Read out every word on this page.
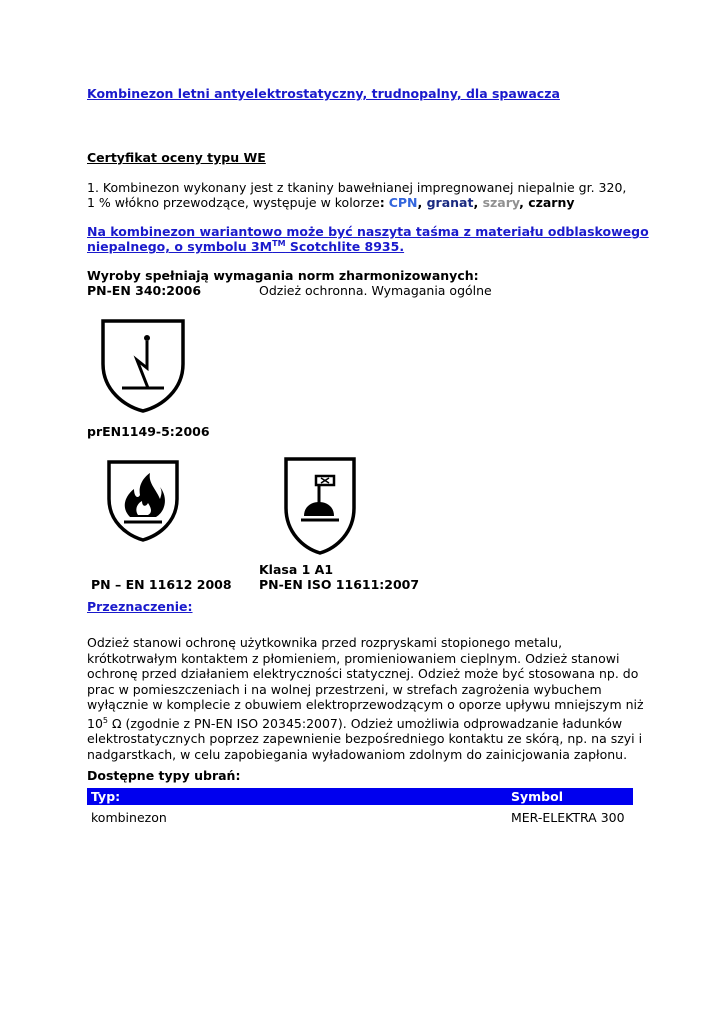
Kombinezon letni antyelektrostatyczny, trudnopalny, dla spawacza
Certyfikat oceny typu WE
1. Kombinezon wykonany jest z tkaniny bawełnianej impregnowanej niepalnie gr. 320,
1 % włókno przewodzące, występuje w kolorze: CPN, granat, szary, czarny
Na kombinezon wariantowo może być naszyta taśma z materiału odblaskowego
niepalnego, o symbolu 3M™ Scotchlite 8935.
Wyroby spełniają wymagania norm zharmonizowanych:
PN-EN 340:2006	Odzież ochronna. Wymagania ogólne
prEN1149-5:2006
Klasa 1 A1
PN – EN 11612 2008 PN-EN ISO 11611:2007
Przeznaczenie:
Odzież stanowi ochronę użytkownika przed rozpryskami stopionego metalu,
krótkotrwałym kontaktem z płomieniem, promieniowaniem cieplnym. Odzież stanowi
ochronę przed działaniem elektryczności statycznej. Odzież może być stosowana np. do
prac w pomieszczeniach i na wolnej przestrzeni, w strefach zagrożenia wybuchem
wyłącznie w komplecie z obuwiem elektroprzewodzącym o oporze upływu mniejszym niż
$10^5$ Ω (zgodnie z PN-EN ISO 20345:2007). Odzież umożliwia odprowadzanie ładunków
elektrostatycznych poprzez zapewnienie bezpośredniego kontaktu ze skórą, np. na szyi i
nadgarstkach, w celu zapobiegania wyładowaniom zdolnym do zainicjowania zapłonu.
Dostępne typy ubrań:
Typ:	Symbol
kombinezon	MER-ELEKTRA 300
